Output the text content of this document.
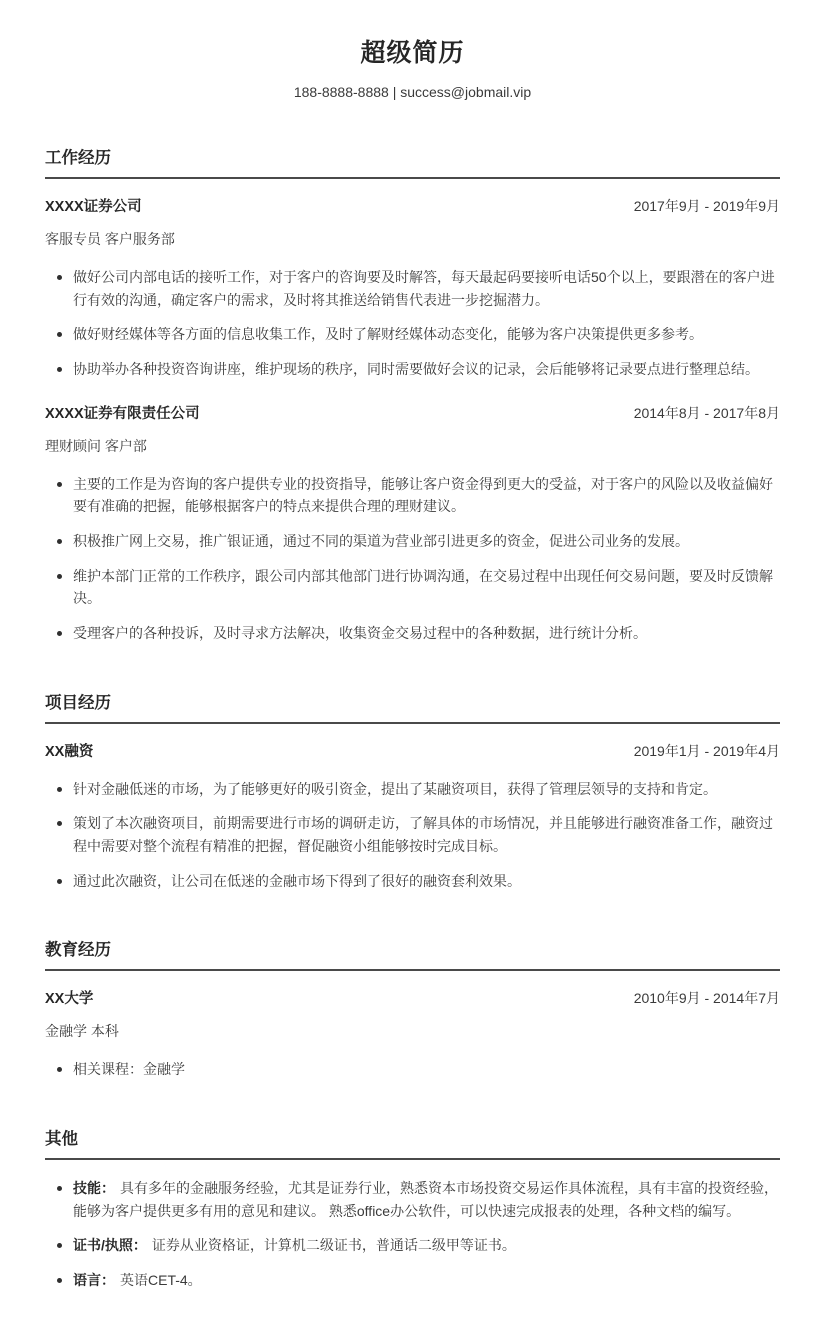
超级简历
188-8888-8888 | success@jobmail.vip
工作经历
XXXX证券公司	2017年9月 - 2019年9月
客服专员 客户服务部
做好公司内部电话的接听工作，对于客户的咨询要及时解答，每天最起码要接听电话50个以上，要跟潜在的客户进行有效的沟通，确定客户的需求，及时将其推送给销售代表进一步挖掘潜力。
做好财经媒体等各方面的信息收集工作，及时了解财经媒体动态变化，能够为客户决策提供更多参考。
协助举办各种投资咨询讲座，维护现场的秩序，同时需要做好会议的记录，会后能够将记录要点进行整理总结。
XXXX证券有限责任公司	2014年8月 - 2017年8月
理财顾问 客户部
主要的工作是为咨询的客户提供专业的投资指导，能够让客户资金得到更大的受益，对于客户的风险以及收益偏好要有准确的把握，能够根据客户的特点来提供合理的理财建议。
积极推广网上交易，推广银证通，通过不同的渠道为营业部引进更多的资金，促进公司业务的发展。
维护本部门正常的工作秩序，跟公司内部其他部门进行协调沟通，在交易过程中出现任何交易问题，要及时反馈解决。
受理客户的各种投诉，及时寻求方法解决，收集资金交易过程中的各种数据，进行统计分析。
项目经历
XX融资	2019年1月 - 2019年4月
针对金融低迷的市场，为了能够更好的吸引资金，提出了某融资项目，获得了管理层领导的支持和肯定。
策划了本次融资项目，前期需要进行市场的调研走访，了解具体的市场情况，并且能够进行融资准备工作，融资过程中需要对整个流程有精准的把握，督促融资小组能够按时完成目标。
通过此次融资，让公司在低迷的金融市场下得到了很好的融资套利效果。
教育经历
XX大学	2010年9月 - 2014年7月
金融学 本科
相关课程：金融学
其他
技能： 具有多年的金融服务经验，尤其是证券行业，熟悉资本市场投资交易运作具体流程，具有丰富的投资经验，能够为客户提供更多有用的意见和建议。 熟悉office办公软件，可以快速完成报表的处理，各种文档的编写。
证书/执照： 证券从业资格证，计算机二级证书，普通话二级甲等证书。
语言： 英语CET-4。
